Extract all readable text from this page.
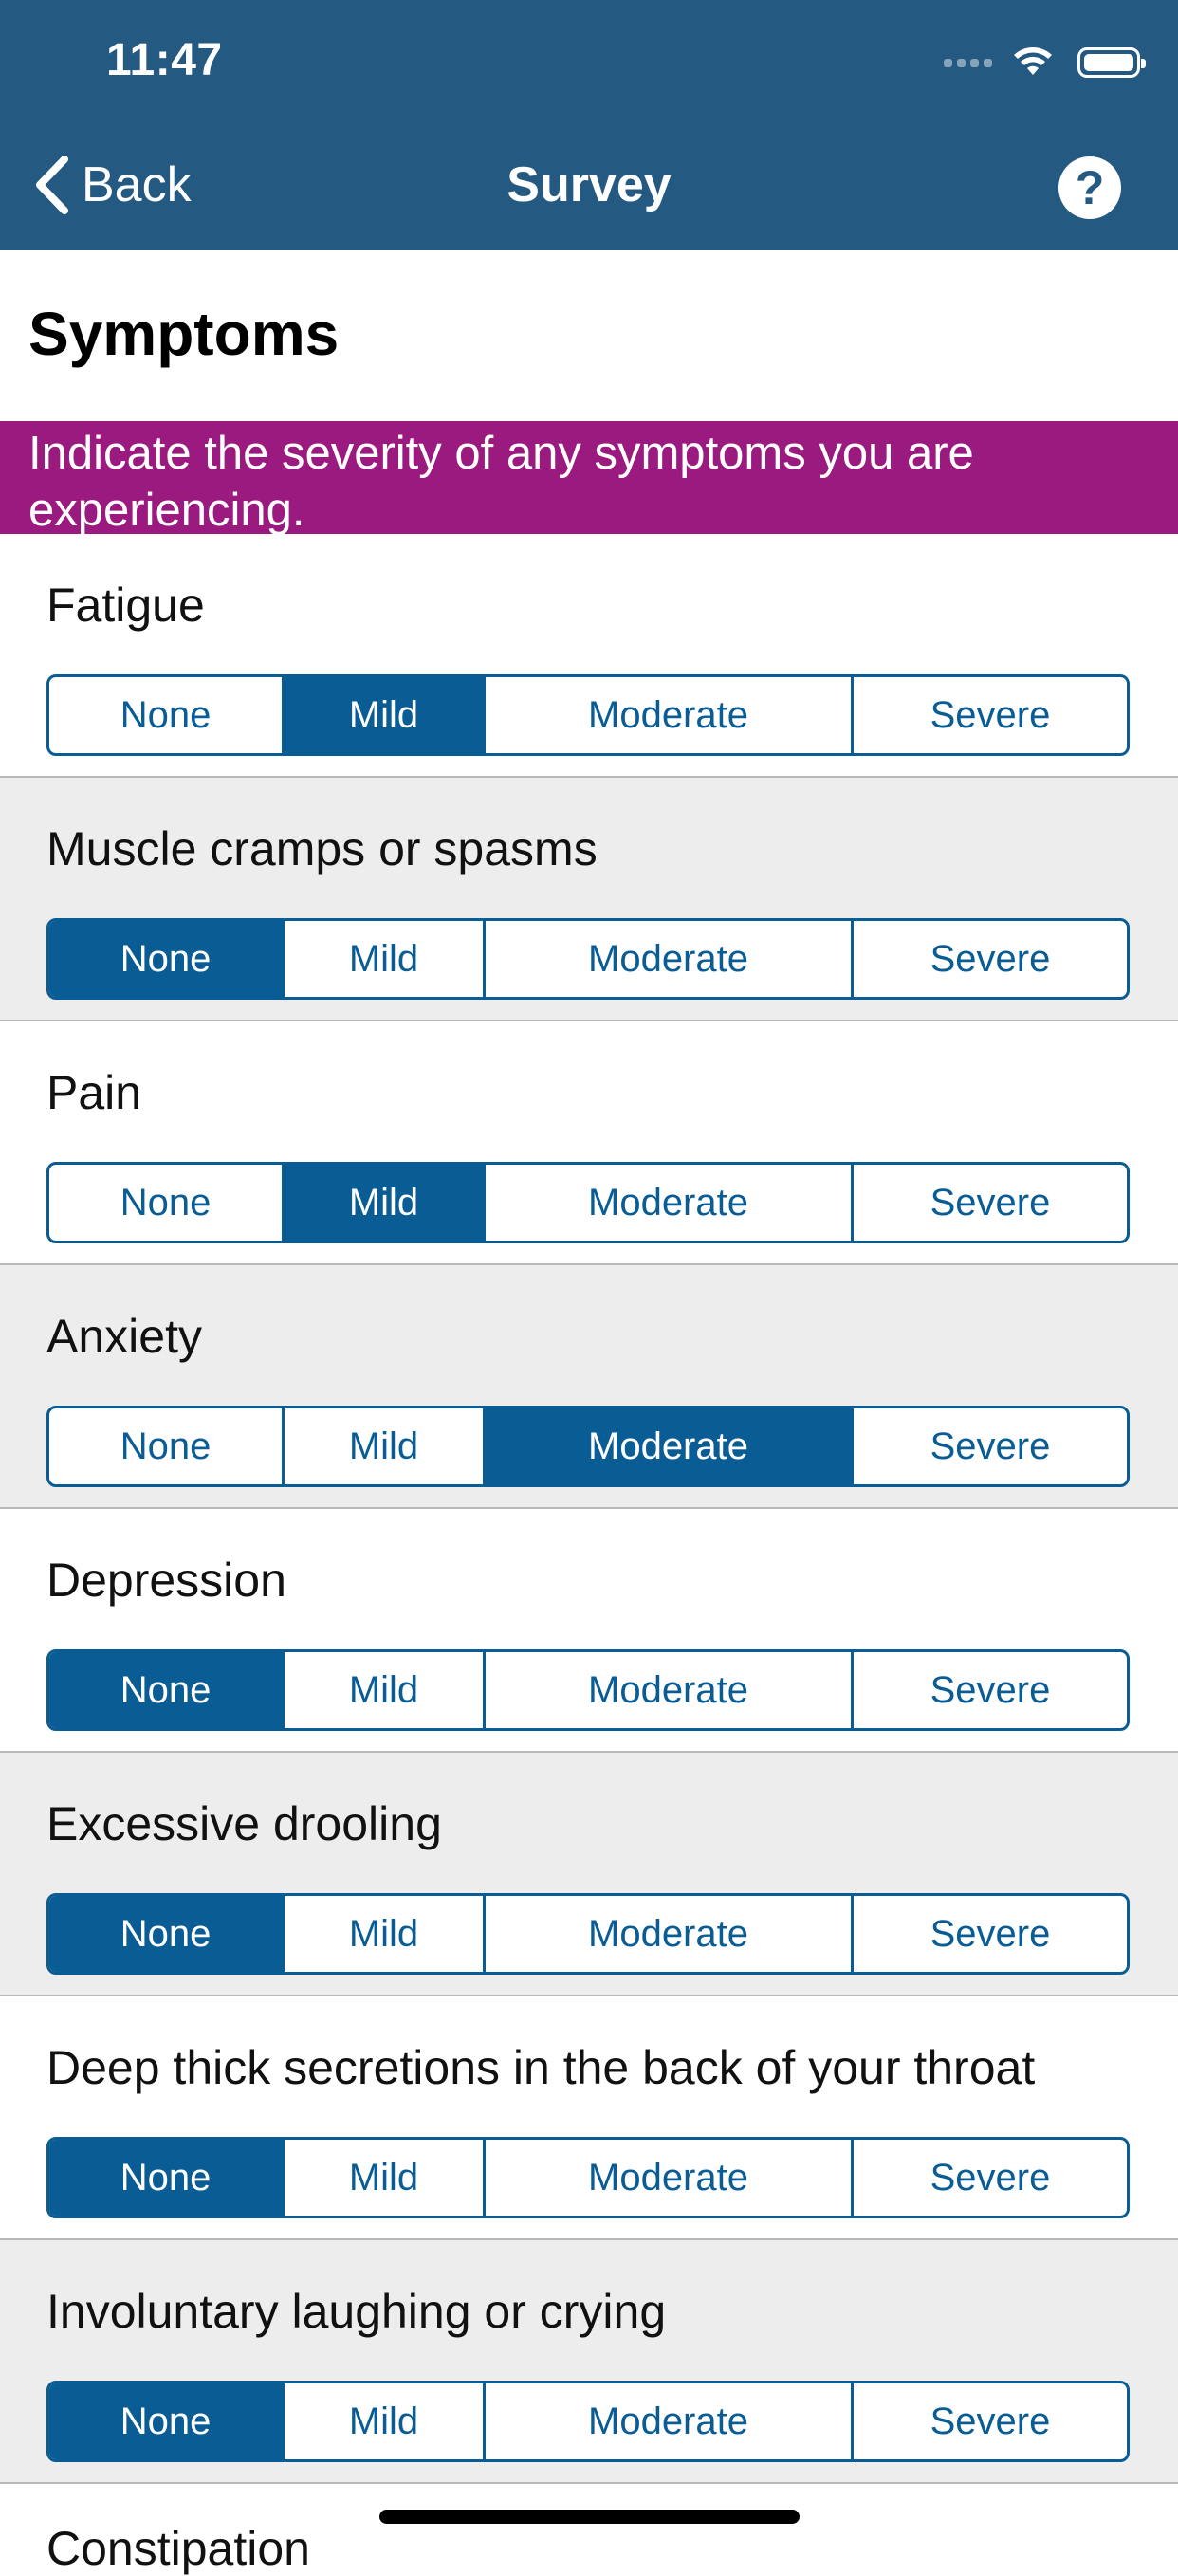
11:47
Back	Survey	?
Symptoms
Indicate the severity of any symptoms you are experiencing.
Fatigue
None	Mild	Moderate	Severe
Muscle cramps or spasms
None	Mild	Moderate	Severe
Pain
None	Mild	Moderate	Severe
Anxiety
None	Mild	Moderate	Severe
Depression
None	Mild	Moderate	Severe
Excessive drooling
None	Mild	Moderate	Severe
Deep thick secretions in the back of your throat
None	Mild	Moderate	Severe
Involuntary laughing or crying
None	Mild	Moderate	Severe
Constipation
